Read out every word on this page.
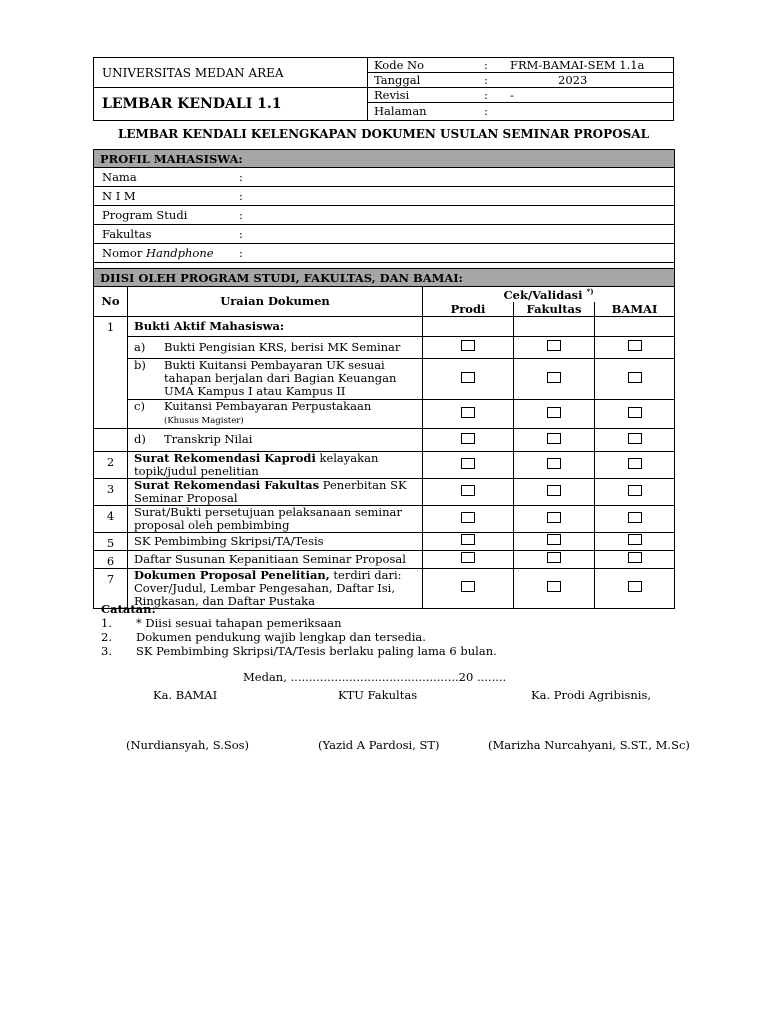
UNIVERSITAS MEDAN AREA	Kode No : FRM-BAMAI-SEM 1.1a
	Tanggal : 2023
LEMBAR KENDALI 1.1	Revisi : -
	Halaman :
LEMBAR KENDALI KELENGKAPAN DOKUMEN USULAN SEMINAR PROPOSAL
PROFIL MAHASISWA:				
Nama :				
N I M :				
Program Studi :				
Fakultas :				
Nomor Handphone :				

DIISI OLEH PROGRAM STUDI, FAKULTAS, DAN BAMAI:				
No	Uraian Dokumen	Cek/Validasi *)
		Prodi	Fakultas	BAMAI
1	Bukti Aktif Mahasiswa:			

	a) Bukti Pengisian KRS, berisi MK Seminar			

	b) Bukti Kuitansi Pembayaran UK sesuai tahapan berjalan dari Bagian Keuangan UMA Kampus I atau Kampus II			

	c) Kuitansi Pembayaran Perpustakaan
(Khusus Magister)			

	d) Transkrip Nilai			

2	Surat Rekomendasi Kaprodi kelayakan topik/judul penelitian			
3	Surat Rekomendasi Fakultas Penerbitan SK Seminar Proposal			
4	Surat/Bukti persetujuan pelaksanaan seminar proposal oleh pembimbing			
5	SK Pembimbing Skripsi/TA/Tesis			
6	Daftar Susunan Kepanitiaan Seminar Proposal			
7	Dokumen Proposal Penelitian, terdiri dari: Cover/Judul, Lembar Pengesahan, Daftar Isi, Ringkasan, dan Daftar Pustaka			
Catatan:
1.	* Diisi sesuai tahapan pemeriksaan
2.	Dokumen pendukung wajib lengkap dan tersedia.
3.	SK Pembimbing Skripsi/TA/Tesis berlaku paling lama 6 bulan.
Medan, ..............................................20 ........
Ka. BAMAI	KTU Fakultas	Ka. Prodi Agribisnis,
(Nurdiansyah, S.Sos)	(Yazid A Pardosi, ST)	(Marizha Nurcahyani, S.ST., M.Sc)
